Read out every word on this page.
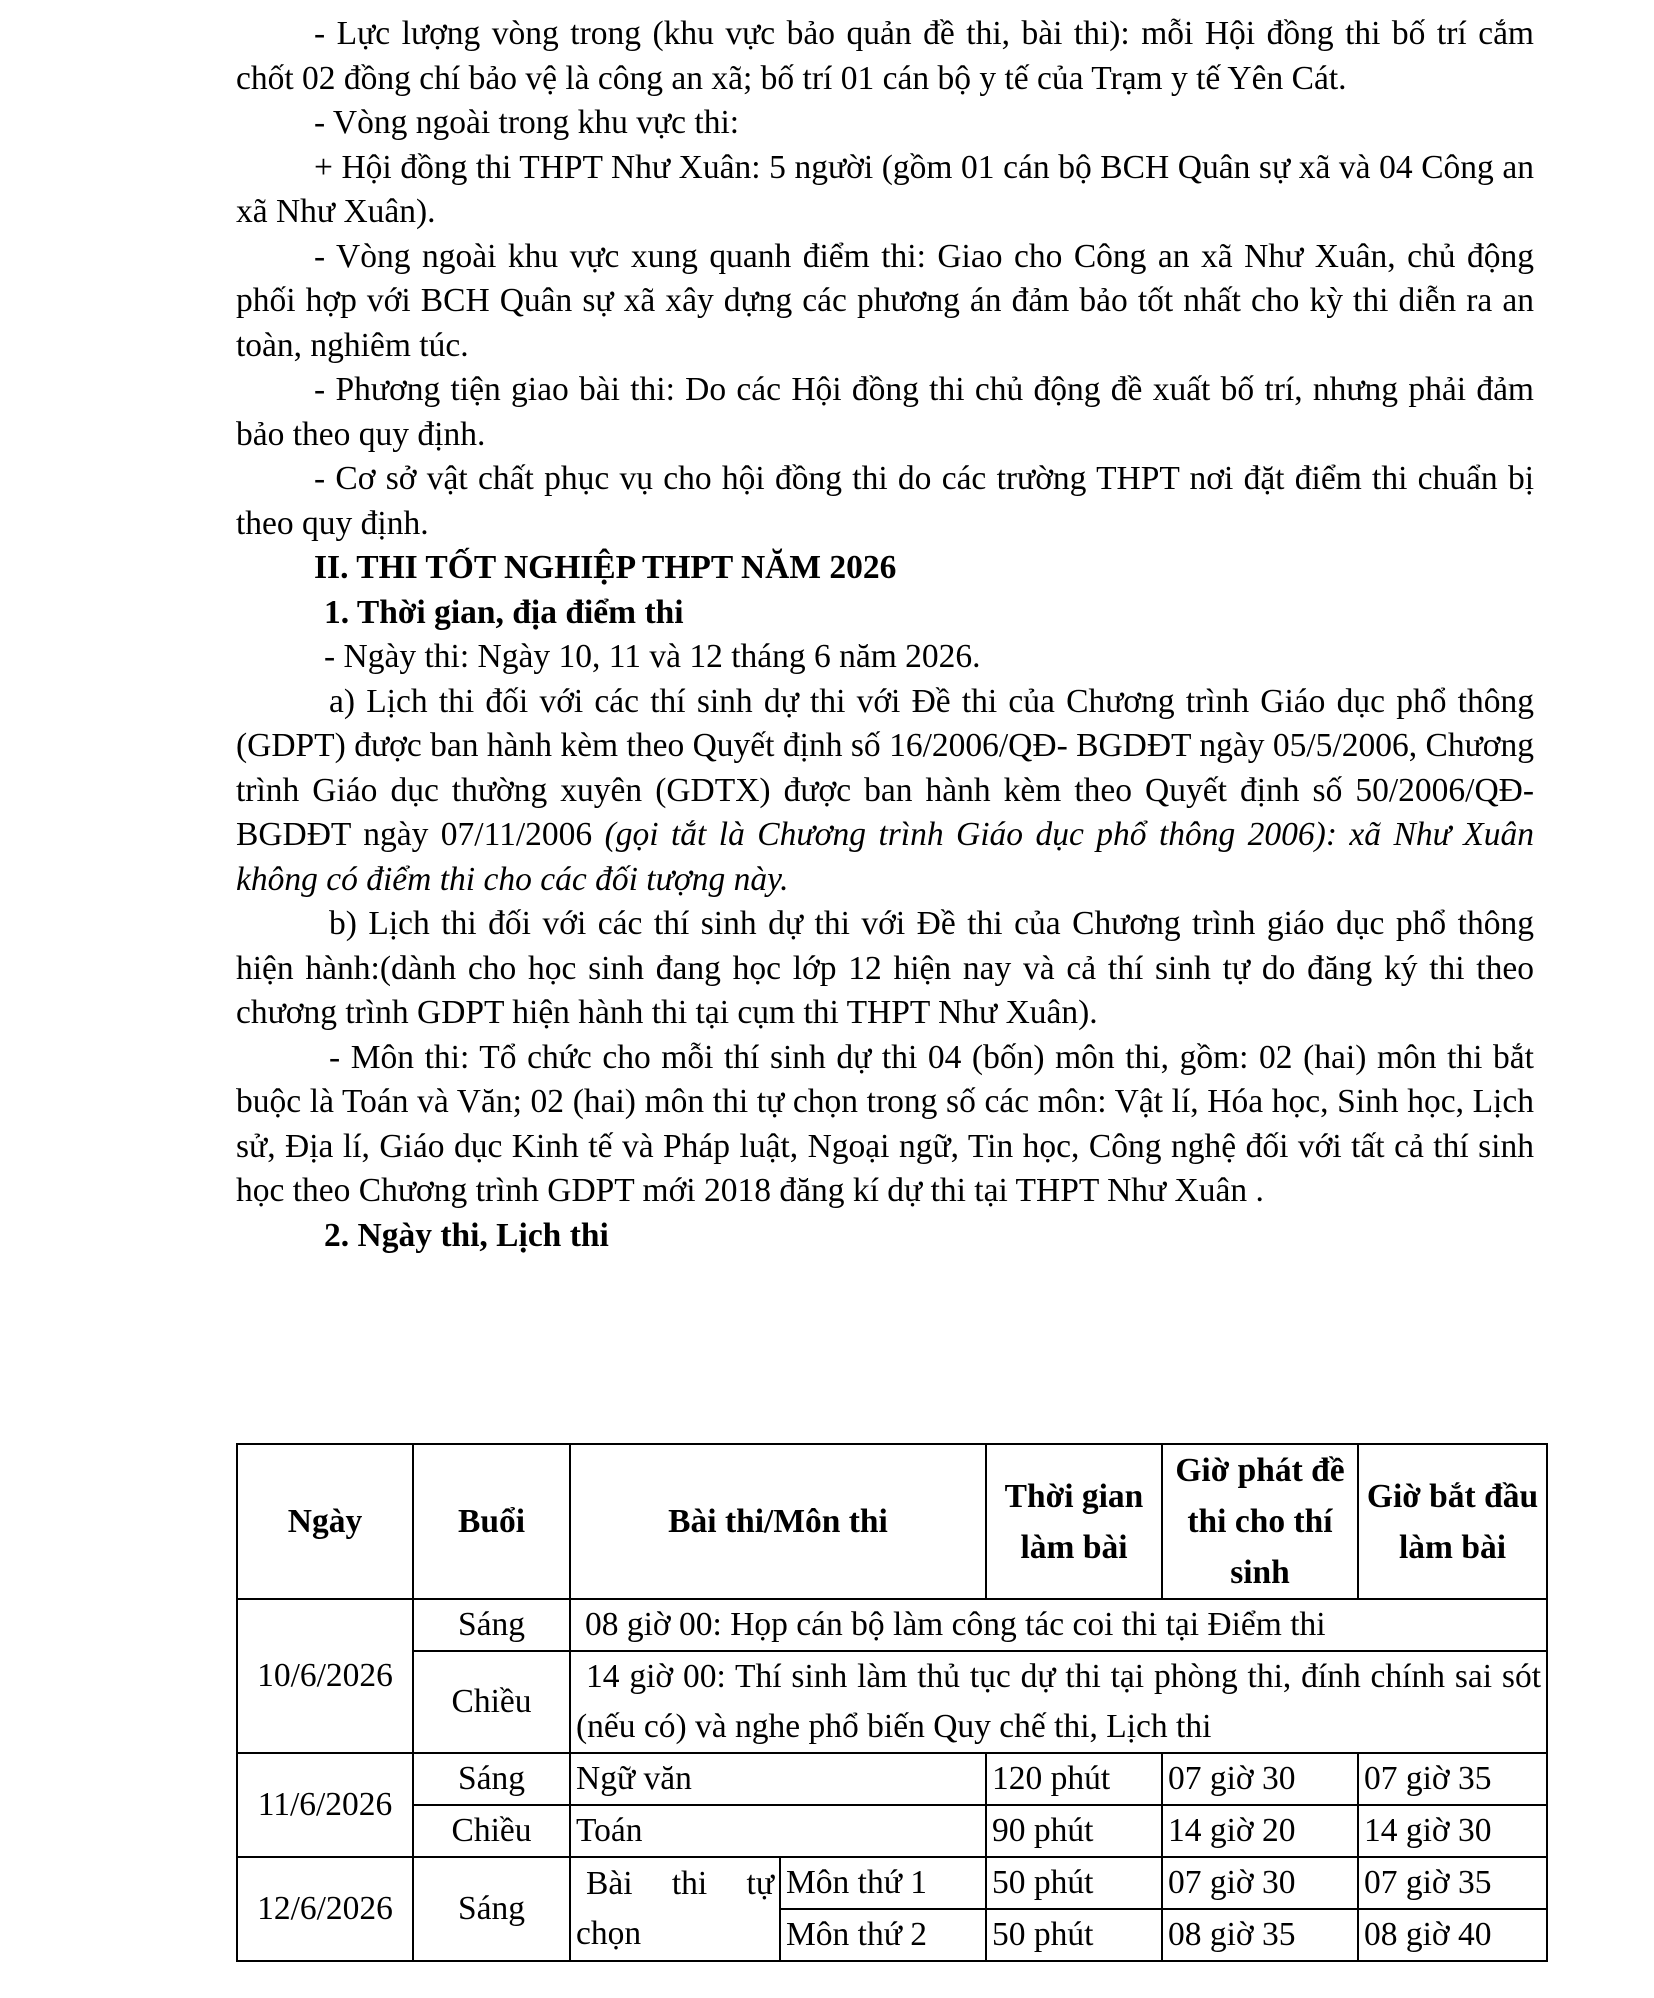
- Lực lượng vòng trong (khu vực bảo quản đề thi, bài thi): mỗi Hội đồng thi bố trí cắm chốt 02 đồng chí bảo vệ là công an xã; bố trí 01 cán bộ y tế của Trạm y tế Yên Cát.

- Vòng ngoài trong khu vực thi:

+ Hội đồng thi THPT Như Xuân: 5 người (gồm 01 cán bộ BCH Quân sự xã và 04 Công an xã Như Xuân).

- Vòng ngoài khu vực xung quanh điểm thi: Giao cho Công an xã Như Xuân, chủ động phối hợp với BCH Quân sự xã xây dựng các phương án đảm bảo tốt nhất cho kỳ thi diễn ra an toàn, nghiêm túc.

- Phương tiện giao bài thi: Do các Hội đồng thi chủ động đề xuất bố trí, nhưng phải đảm bảo theo quy định.

- Cơ sở vật chất phục vụ cho hội đồng thi do các trường THPT nơi đặt điểm thi chuẩn bị theo quy định.

II. THI TỐT NGHIỆP THPT NĂM 2026

1. Thời gian, địa điểm thi

- Ngày thi: Ngày 10, 11 và 12 tháng 6 năm 2026.

a) Lịch thi đối với các thí sinh dự thi với Đề thi của Chương trình Giáo dục phổ thông (GDPT) được ban hành kèm theo Quyết định số 16/2006/QĐ- BGDĐT ngày 05/5/2006, Chương trình Giáo dục thường xuyên (GDTX) được ban hành kèm theo Quyết định số 50/2006/QĐ-BGDĐT ngày 07/11/2006 (gọi tắt là Chương trình Giáo dục phổ thông 2006): xã Như Xuân không có điểm thi cho các đối tượng này.

b) Lịch thi đối với các thí sinh dự thi với Đề thi của Chương trình giáo dục phổ thông hiện hành:(dành cho học sinh đang học lớp 12 hiện nay và cả thí sinh tự do đăng ký thi theo chương trình GDPT hiện hành thi tại cụm thi THPT Như Xuân).

- Môn thi: Tổ chức cho mỗi thí sinh dự thi 04 (bốn) môn thi, gồm: 02 (hai) môn thi bắt buộc là Toán và Văn; 02 (hai) môn thi tự chọn trong số các môn: Vật lí, Hóa học, Sinh học, Lịch sử, Địa lí, Giáo dục Kinh tế và Pháp luật, Ngoại ngữ, Tin học, Công nghệ đối với tất cả thí sinh học theo Chương trình GDPT mới 2018 đăng kí dự thi tại THPT Như Xuân .

2. Ngày thi, Lịch thi

Ngày	Buổi	Bài thi/Môn thi		Thời gian làm bài	Giờ phát đề thi cho thí sinh	Giờ bắt đầu làm bài
10/6/2026	Sáng	08 giờ 00: Họp cán bộ làm công tác coi thi tại Điểm thi				
	Chiều	14 giờ 00: Thí sinh làm thủ tục dự thi tại phòng thi, đính chính sai sót (nếu có) và nghe phổ biến Quy chế thi, Lịch thi				
11/6/2026	Sáng	Ngữ văn		120 phút	07 giờ 30	07 giờ 35
	Chiều	Toán		90 phút	14 giờ 20	14 giờ 30
12/6/2026	Sáng	Bài thi tự chọn	Môn thứ 1	50 phút	07 giờ 30	07 giờ 35
			Môn thứ 2	50 phút	08 giờ 35	08 giờ 40
